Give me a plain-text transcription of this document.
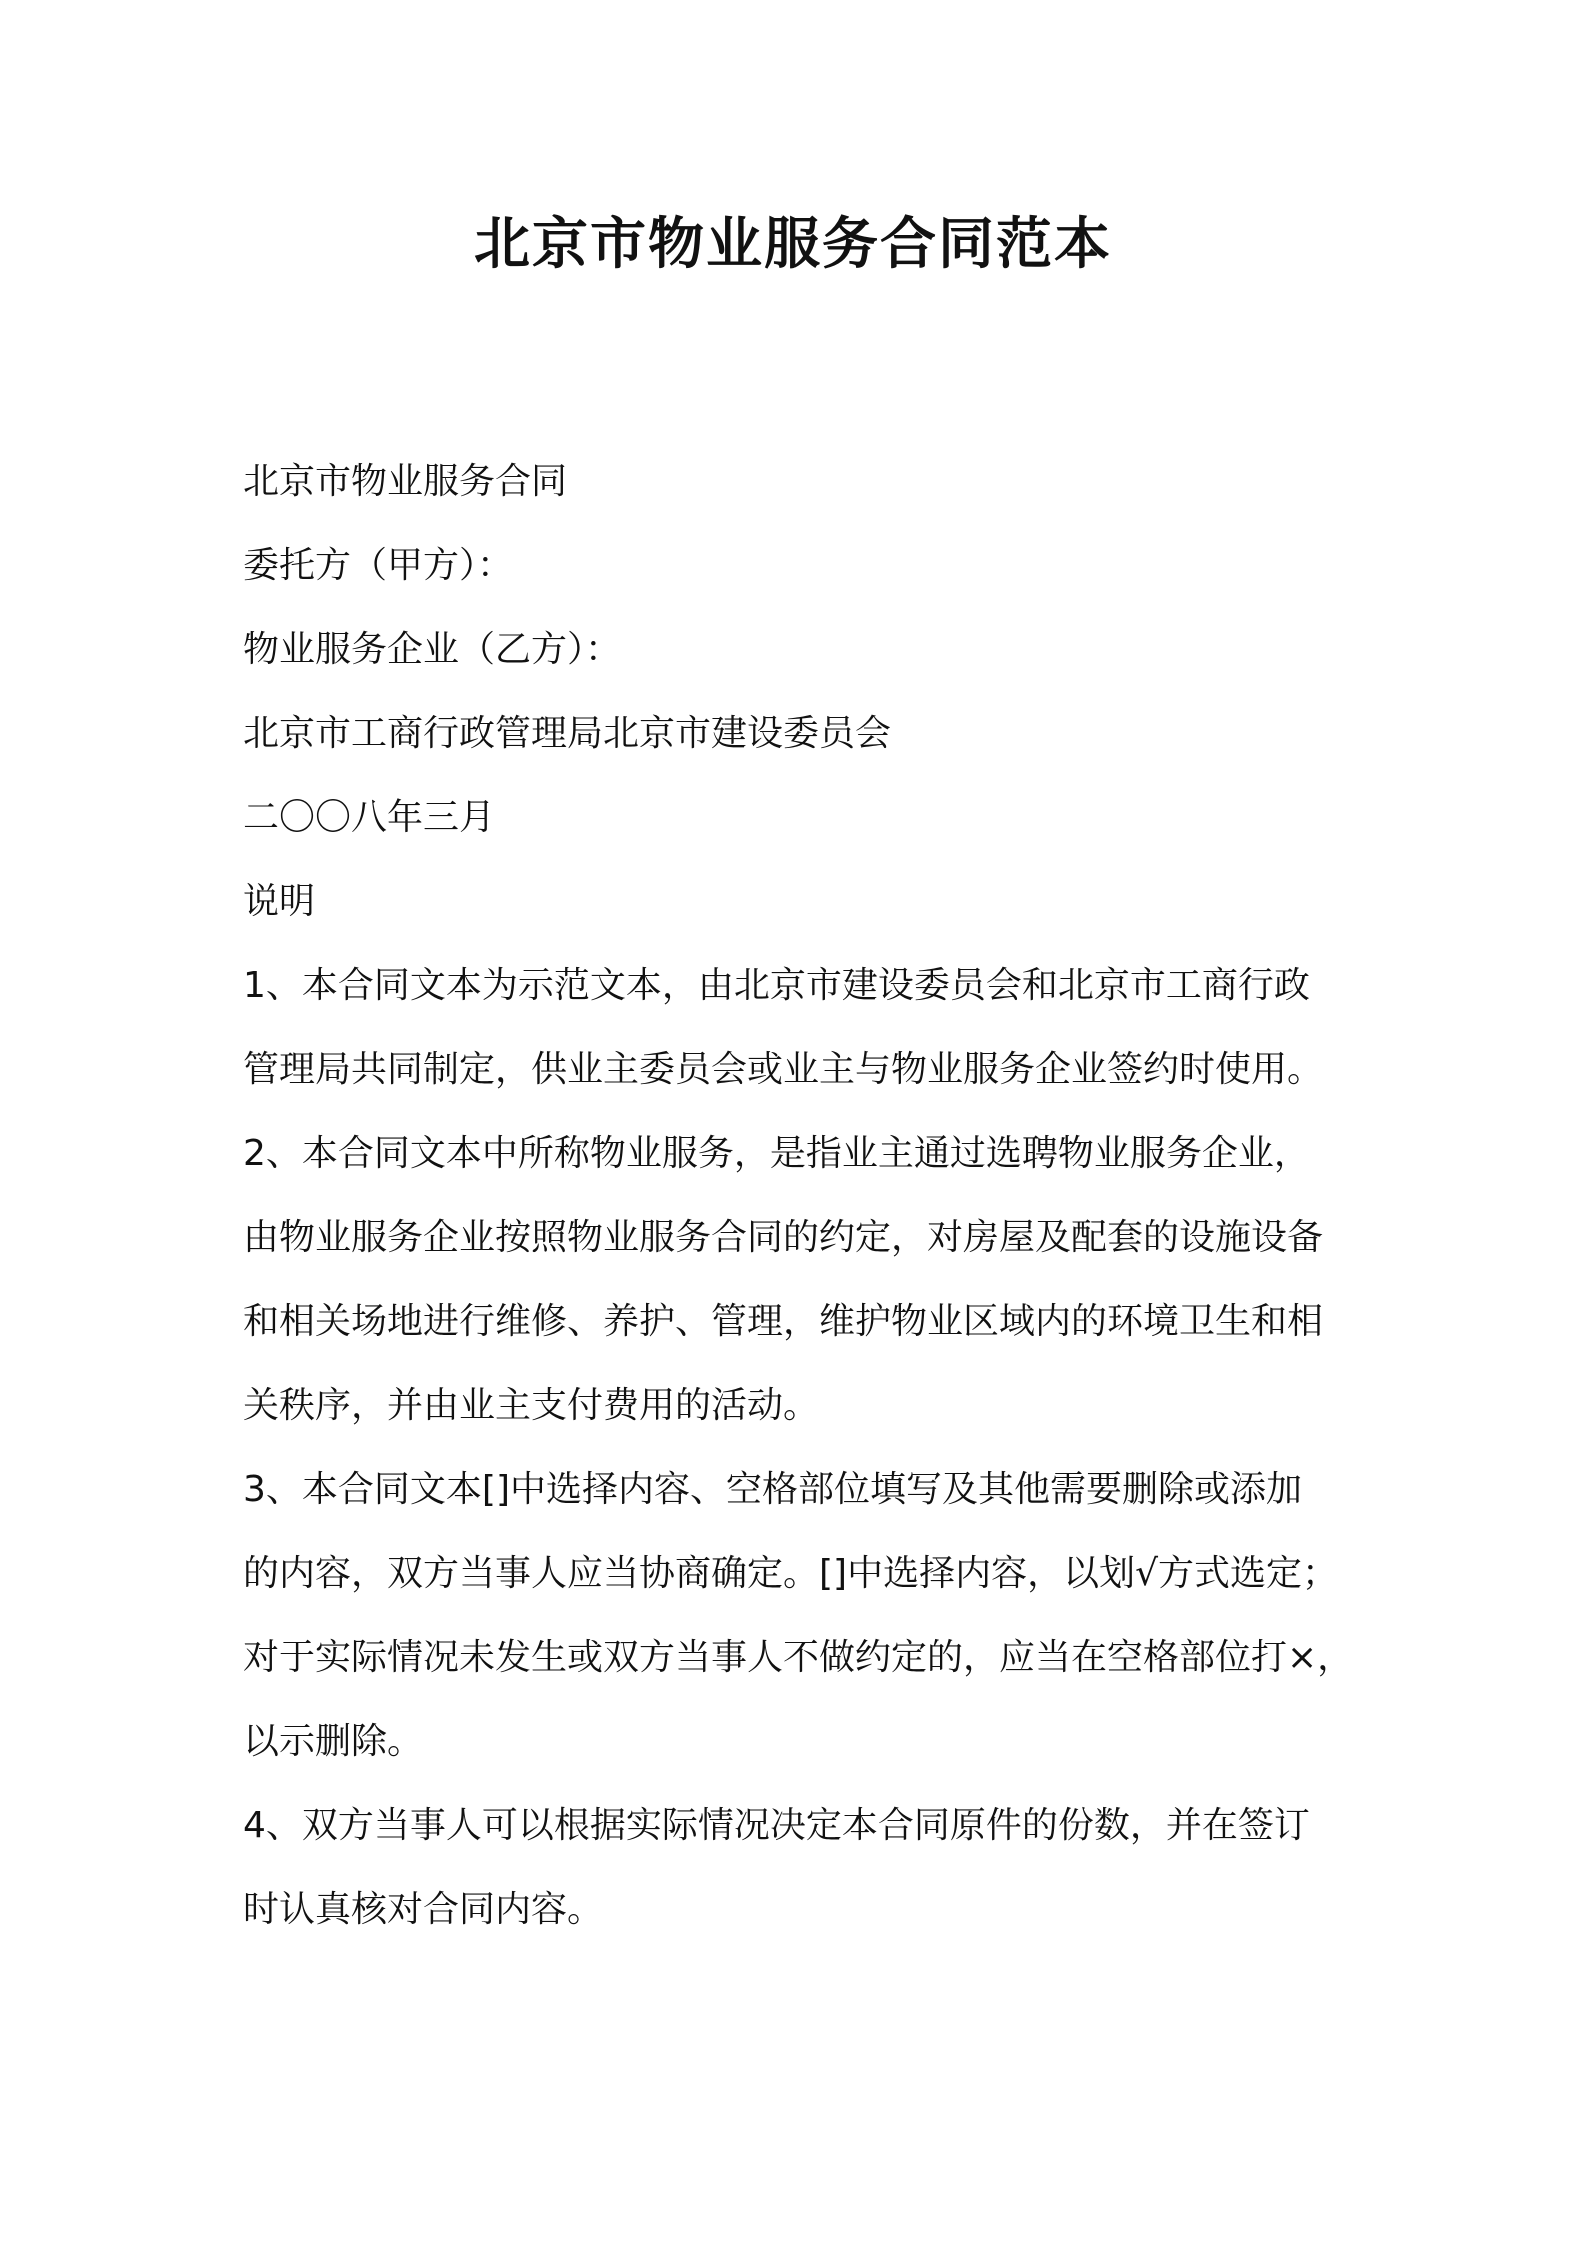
北京市物业服务合同范本

北京市物业服务合同

委托方（甲方）：

物业服务企业（乙方）：

北京市工商行政管理局北京市建设委员会

二〇〇八年三月

说明

1、本合同文本为示范文本，由北京市建设委员会和北京市工商行政

管理局共同制定，供业主委员会或业主与物业服务企业签约时使用。

2、本合同文本中所称物业服务，是指业主通过选聘物业服务企业，

由物业服务企业按照物业服务合同的约定，对房屋及配套的设施设备

和相关场地进行维修、养护、管理，维护物业区域内的环境卫生和相

关秩序，并由业主支付费用的活动。

3、本合同文本[]中选择内容、空格部位填写及其他需要删除或添加

的内容，双方当事人应当协商确定。[]中选择内容，以划√方式选定；

对于实际情况未发生或双方当事人不做约定的，应当在空格部位打×，

以示删除。

4、双方当事人可以根据实际情况决定本合同原件的份数，并在签订

时认真核对合同内容。
